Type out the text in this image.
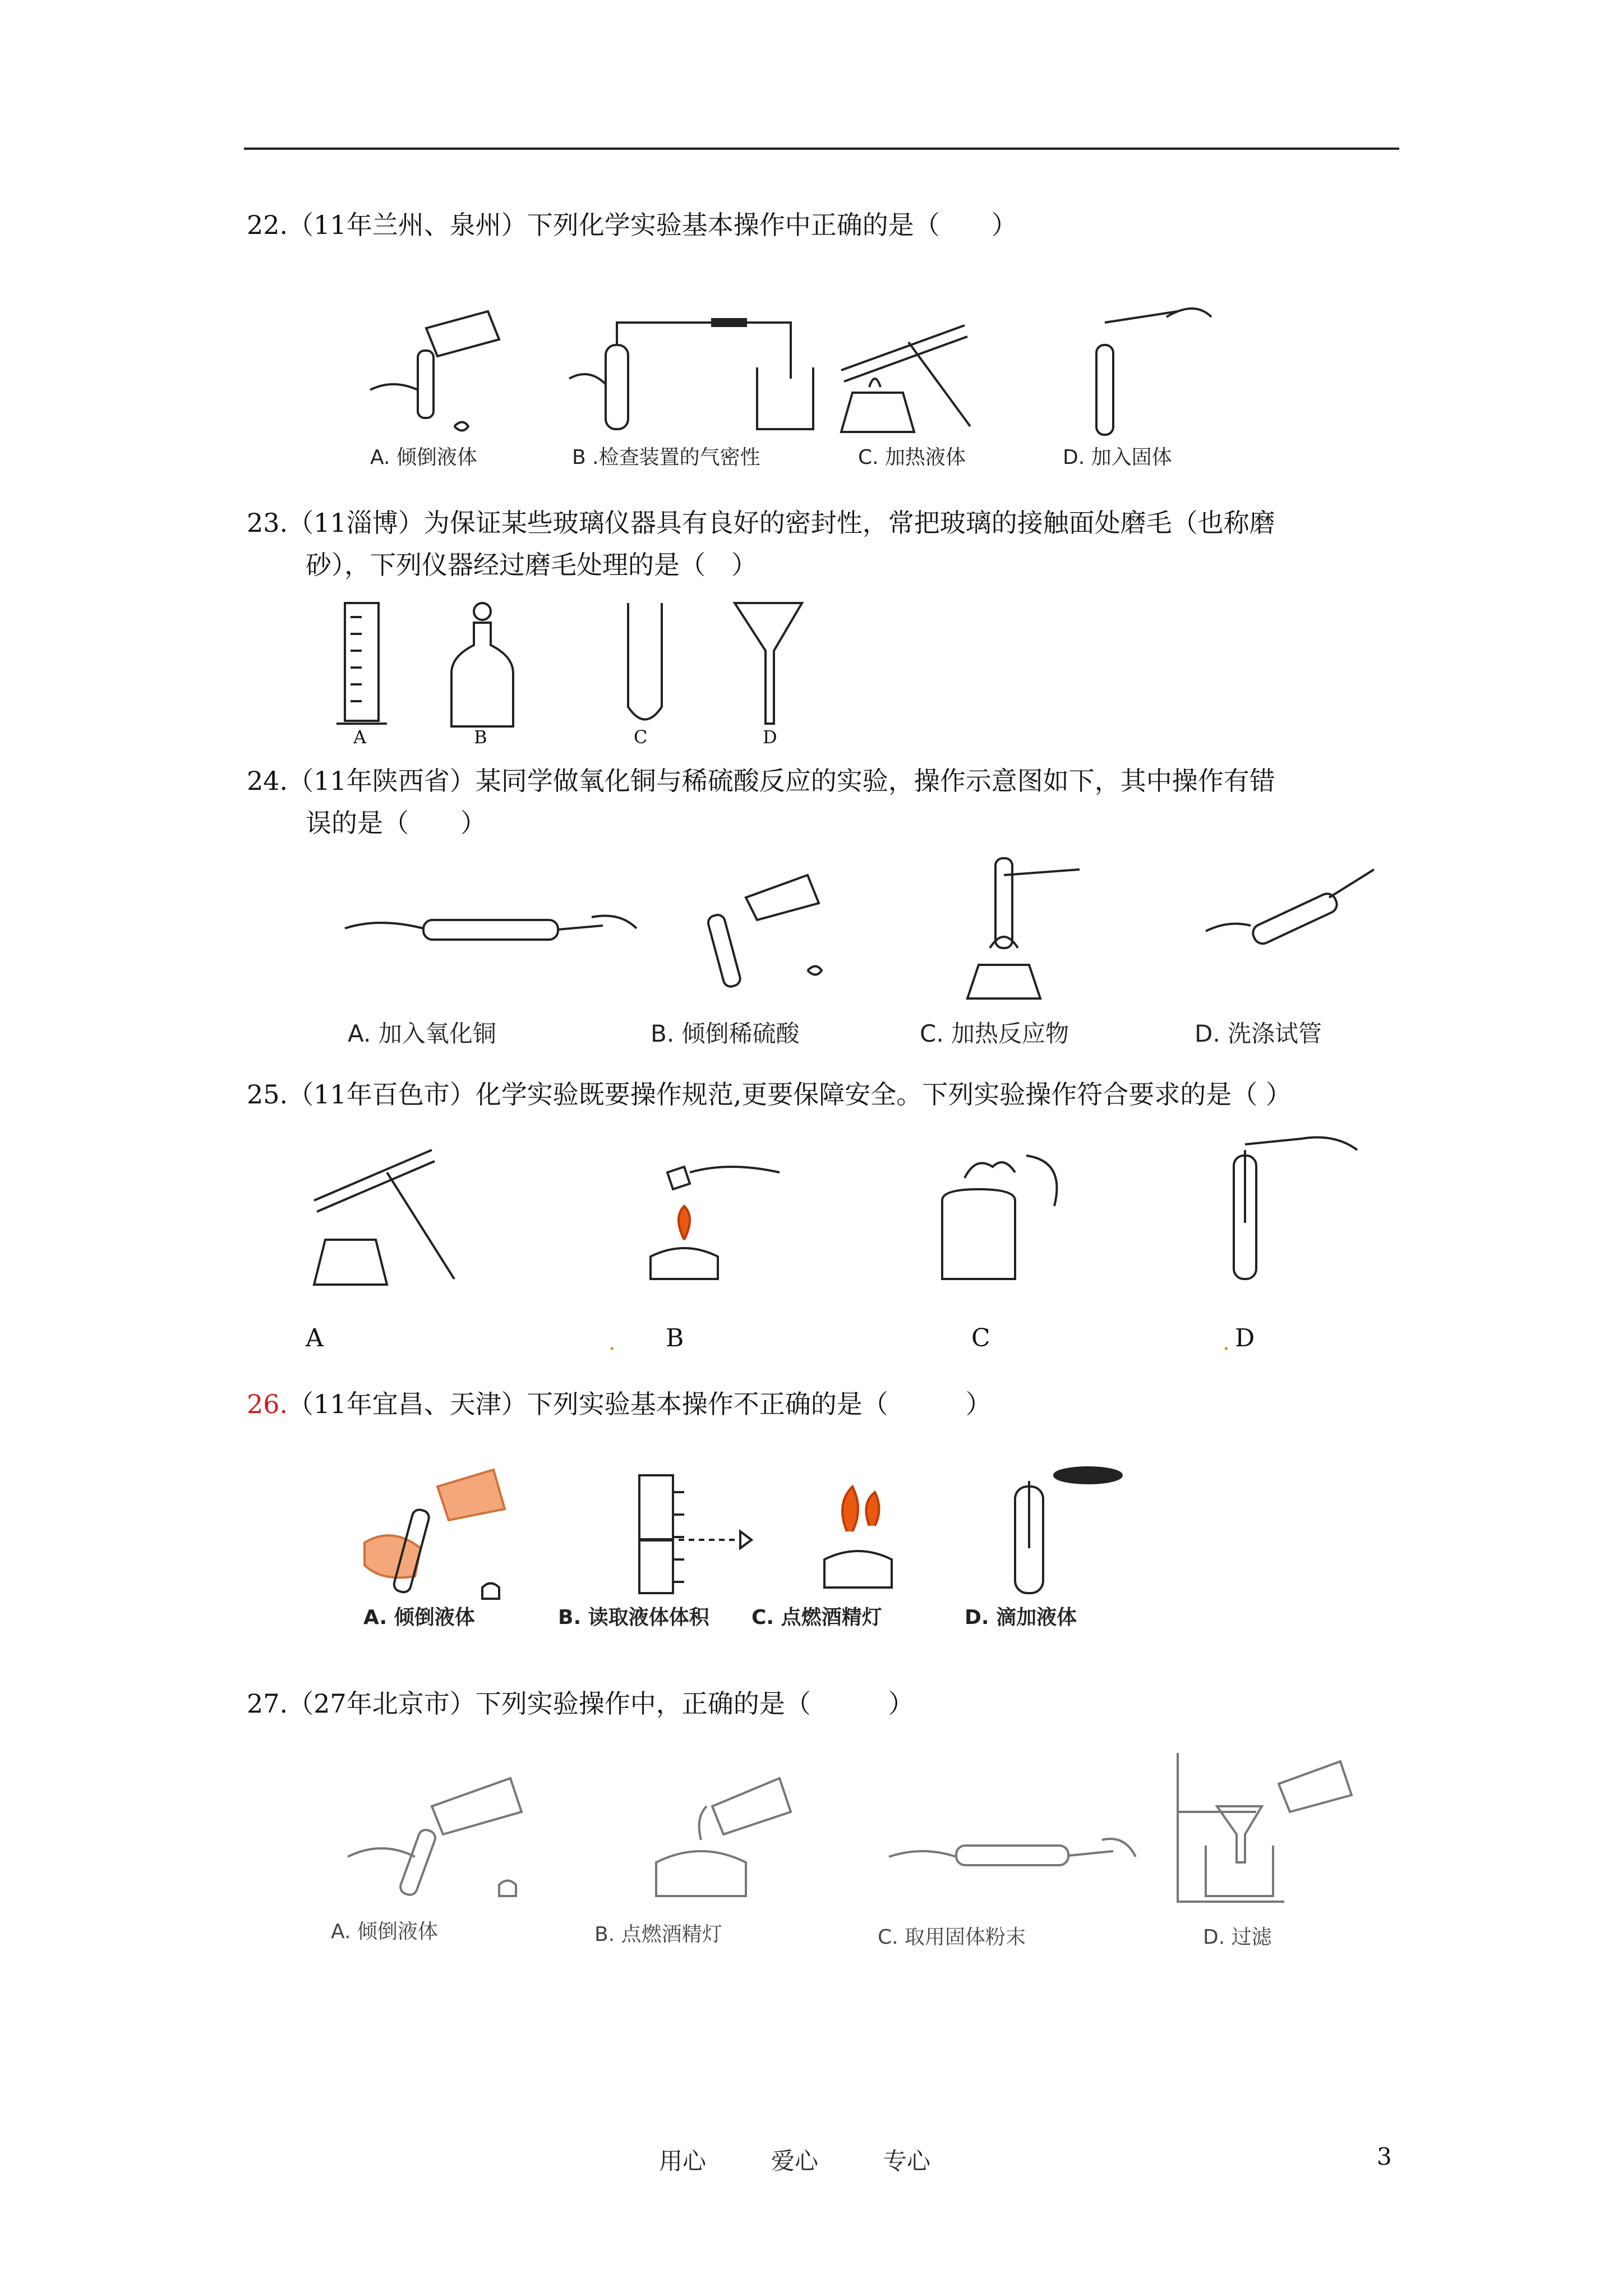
22.（11年兰州、泉州）下列化学实验基本操作中正确的是（　　）
A. 倾倒液体	B .检查装置的气密性	C. 加热液体	D. 加入固体
23.（11淄博）为保证某些玻璃仪器具有良好的密封性，常把玻璃的接触面处磨毛（也称磨
砂），下列仪器经过磨毛处理的是（　）
A	B	C	D
24.（11年陕西省）某同学做氧化铜与稀硫酸反应的实验，操作示意图如下，其中操作有错
误的是（　　）
A. 加入氧化铜	B. 倾倒稀硫酸	C. 加热反应物	D. 洗涤试管
25.（11年百色市）化学实验既要操作规范,更要保障安全。下列实验操作符合要求的是（ ）
A	B	C	D
.	.
26.（11年宜昌、天津）下列实验基本操作不正确的是（　　　）
A. 倾倒液体	B. 读取液体体积 C. 点燃酒精灯	D. 滴加液体
27.（27年北京市）下列实验操作中，正确的是（　　　）
A. 倾倒液体	B. 点燃酒精灯	C. 取用固体粉末	D. 过滤
用心	爱心	专心	3
